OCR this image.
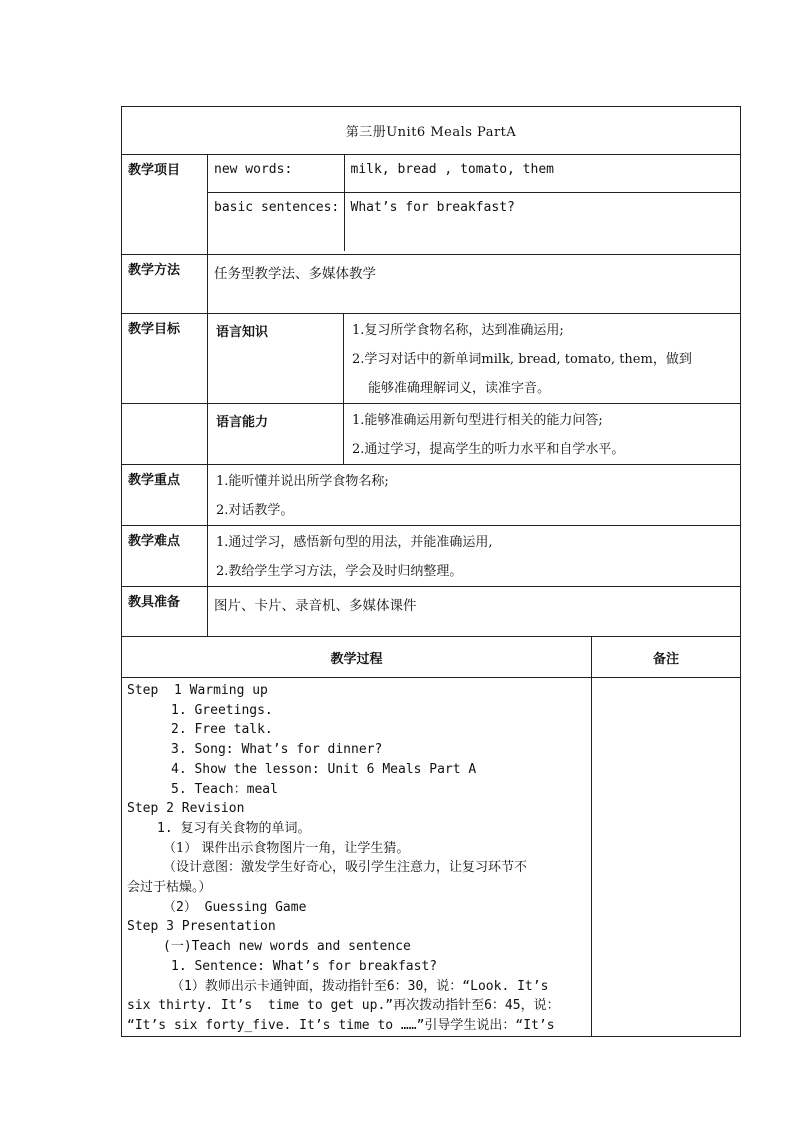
第三册Unit6 Meals PartA
教学项目		new words:	milk, bread , tomato, them
basic sentences:	What’s for breakfast?

教学方法	任务型教学法、多媒体教学
教学目标	语言知识	1.复习所学食物名称，达到准确运用;
2.学习对话中的新单词milk, bread, tomato, them，做到
能够准确理解词义，读准字音。

	语言能力	1.能够准确运用新句型进行相关的能力问答;
2.通过学习，提高学生的听力水平和自学水平。

教学重点	1.能听懂并说出所学食物名称;
2.对话教学。

教学难点	1.通过学习，感悟新句型的用法，并能准确运用,
2.教给学生学习方法，学会及时归纳整理。

教具准备	图片、卡片、录音机、多媒体课件
教学过程	备注

Step  1 Warming up
1. Greetings.
2. Free talk.
3. Song: What’s for dinner?
4. Show the lesson: Unit 6 Meals Part A
5. Teach：meal
Step 2 Revision
1. 复习有关食物的单词。
（1） 课件出示食物图片一角，让学生猜。
（设计意图：激发学生好奇心，吸引学生注意力，让复习环节不
会过于枯燥。）
（2） Guessing Game
Step 3 Presentation
(一)Teach new words and sentence
1. Sentence: What’s for breakfast?
（1）教师出示卡通钟面，拨动指针至6：30，说：“Look. It’s
six thirty. It’s  time to get up.”再次拨动指针至6：45，说：
“It’s six forty_five. It’s time to ……”引导学生说出：“It’s
